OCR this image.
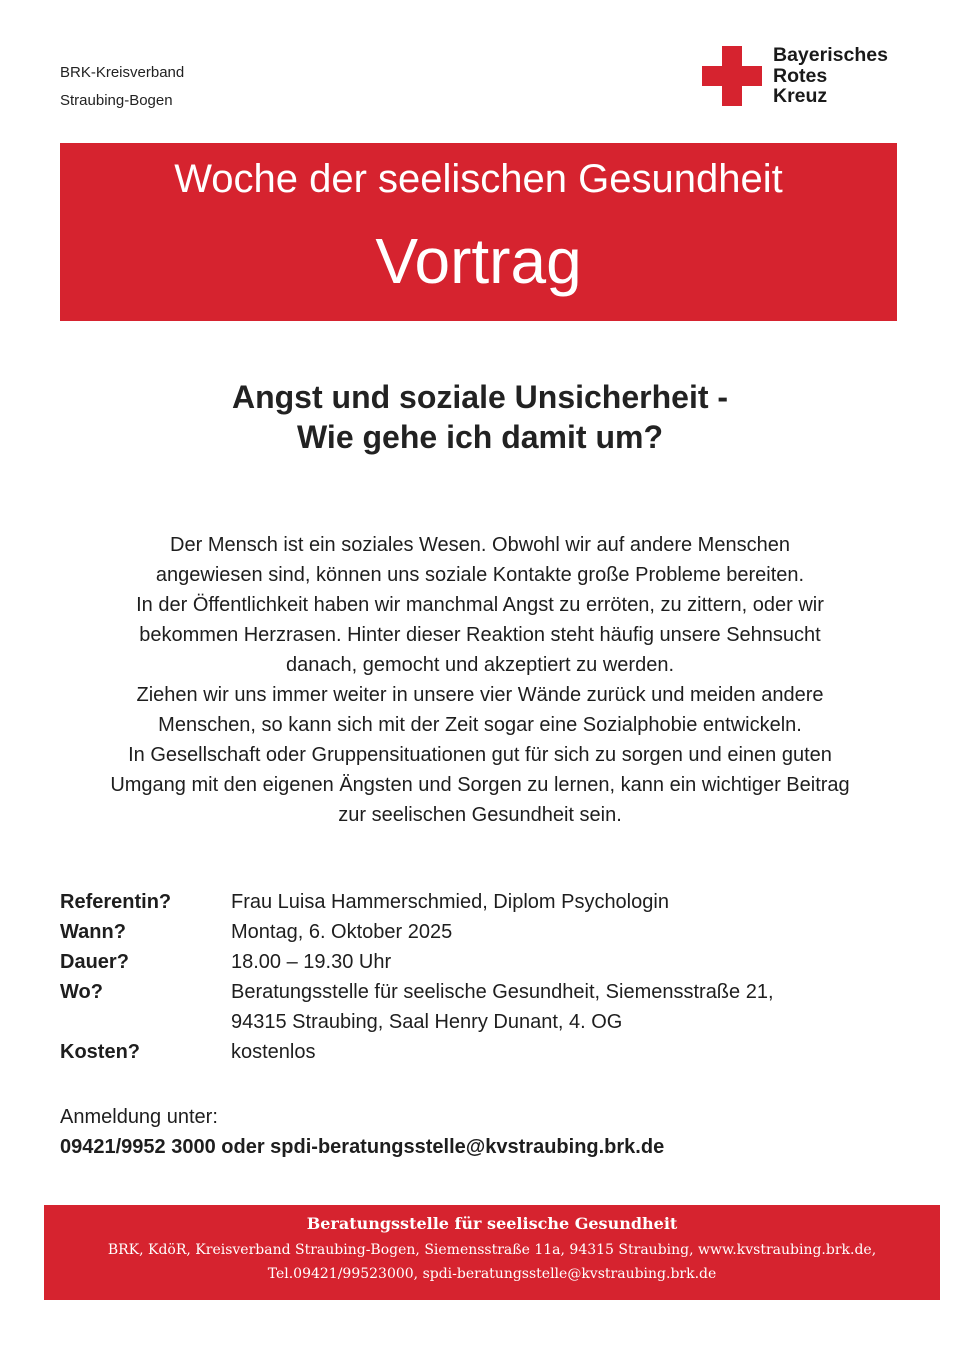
BRK-Kreisverband
Straubing-Bogen
Bayerisches
Rotes
Kreuz
Woche der seelischen Gesundheit
Vortrag
Angst und soziale Unsicherheit -
Wie gehe ich damit um?
Der Mensch ist ein soziales Wesen. Obwohl wir auf andere Menschen
angewiesen sind, können uns soziale Kontakte große Probleme bereiten.
In der Öffentlichkeit haben wir manchmal Angst zu erröten, zu zittern, oder wir
bekommen Herzrasen. Hinter dieser Reaktion steht häufig unsere Sehnsucht
danach, gemocht und akzeptiert zu werden.
Ziehen wir uns immer weiter in unsere vier Wände zurück und meiden andere
Menschen, so kann sich mit der Zeit sogar eine Sozialphobie entwickeln.
In Gesellschaft oder Gruppensituationen gut für sich zu sorgen und einen guten
Umgang mit den eigenen Ängsten und Sorgen zu lernen, kann ein wichtiger Beitrag
zur seelischen Gesundheit sein.
Referentin?	Frau Luisa Hammerschmied, Diplom Psychologin
Wann?	Montag, 6. Oktober 2025
Dauer?	18.00 – 19.30 Uhr
Wo?	Beratungsstelle für seelische Gesundheit, Siemensstraße 21,
94315 Straubing, Saal Henry Dunant, 4. OG
Kosten?	kostenlos
Anmeldung unter:
09421/9952 3000 oder spdi-beratungsstelle@kvstraubing.brk.de
Beratungsstelle für seelische Gesundheit
BRK, KdöR, Kreisverband Straubing-Bogen, Siemensstraße 11a, 94315 Straubing, www.kvstraubing.brk.de,
Tel.09421/99523000, spdi-beratungsstelle@kvstraubing.brk.de
